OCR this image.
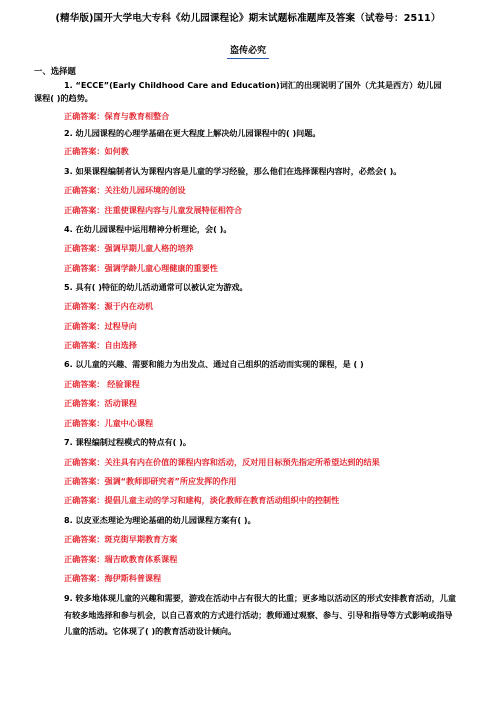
(精华版)国开大学电大专科《幼儿园课程论》期末试题标准题库及答案（试卷号：2511）
盗传必究
一、选择题
1. “ECCE”(Early Childhood Care and Education)词汇的出现说明了国外（尤其是西方）幼儿园
课程( )的趋势。
正确答案：保育与教育相整合
2. 幼儿园课程的心理学基础在更大程度上解决幼儿园课程中的( )问题。
正确答案：如何教
3. 如果课程编制者认为课程内容是儿童的学习经验，那么他们在选择课程内容时，必然会( )。
正确答案：关注幼儿园环境的创设
正确答案：注重使课程内容与儿童发展特征相符合
4. 在幼儿园课程中运用精神分析理论，会( )。
正确答案：强调早期儿童人格的培养
正确答案：强调学龄儿童心理健康的重要性
5. 具有( )特征的幼儿活动通常可以被认定为游戏。
正确答案：源于内在动机
正确答案：过程导向
正确答案：自由选择
6. 以儿童的兴趣、需要和能力为出发点、通过自己组织的活动而实现的课程，是 ( )
正确答案： 经验课程
正确答案：活动课程
正确答案：儿童中心课程
7. 课程编制过程模式的特点有( )。
正确答案：关注具有内在价值的课程内容和活动，反对用目标预先指定所希望达到的结果
正确答案：强调“教师即研究者”所应发挥的作用
正确答案：提倡儿童主动的学习和建构，淡化教师在教育活动组织中的控制性
8. 以皮亚杰理论为理论基础的幼儿园课程方案有( )。
正确答案：斑克街早期教育方案
正确答案：瑞吉欧教育体系课程
正确答案：海伊斯科普课程
9. 较多地体现儿童的兴趣和需要，游戏在活动中占有很大的比重；更多地以活动区的形式安排教育活动，儿童有较多地选择和参与机会，以自己喜欢的方式进行活动；教师通过观察、参与、引导和指导等方式影响或指导儿童的活动。它体现了( )的教育活动设计倾向。
